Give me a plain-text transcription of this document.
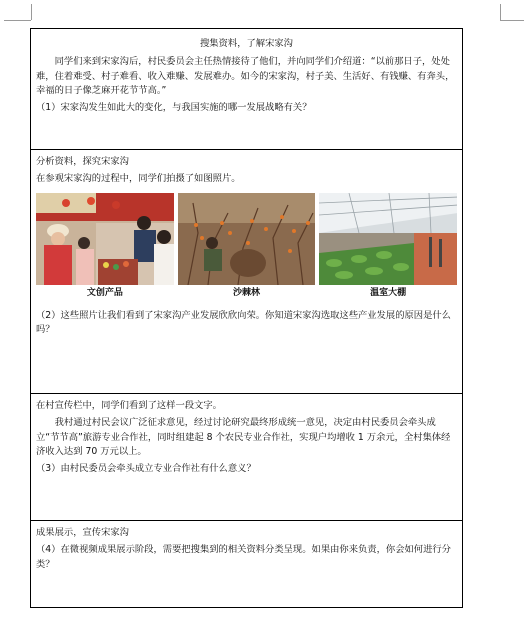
搜集资料，了解宋家沟

同学们来到宋家沟后，村民委员会主任热情接待了他们，并向同学们介绍道：“以前那日子，处处难，住着难受、村子难看、收入难赚、发展难办。如今的宋家沟，村子美、生活好、有钱赚、有奔头，幸福的日子像芝麻开花节节高。”

（1）宋家沟发生如此大的变化，与我国实施的哪一发展战略有关？

分析资料，探究宋家沟

在参观宋家沟的过程中，同学们拍摄了如图照片。

文创产品	沙棘林	温室大棚

（2）这些照片让我们看到了宋家沟产业发展欣欣向荣。你知道宋家沟选取这些产业发展的原因是什么吗？

在村宣传栏中，同学们看到了这样一段文字。

我村通过村民会议广泛征求意见，经过讨论研究最终形成统一意见，决定由村民委员会牵头成立“节节高”旅游专业合作社，同时组建起 8 个农民专业合作社，实现户均增收 1 万余元，全村集体经济收入达到 70 万元以上。

（3）由村民委员会牵头成立专业合作社有什么意义？

成果展示，宣传宋家沟

（4）在微视频成果展示阶段，需要把搜集到的相关资料分类呈现。如果由你来负责，你会如何进行分类？
